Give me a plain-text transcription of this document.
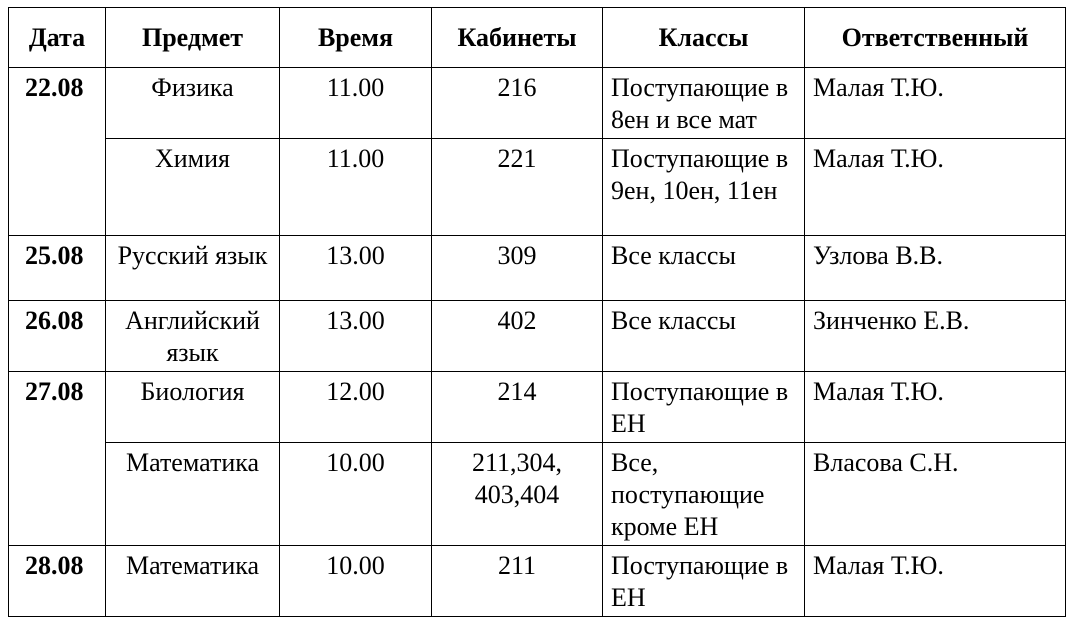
Дата	Предмет	Время	Кабинеты	Классы	Ответственный
22.08	Физика	11.00	216	Поступающие в 8ен и все мат	Малая Т.Ю.
	Химия	11.00	221	Поступающие в 9ен, 10ен, 11ен	Малая Т.Ю.
25.08	Русский язык	13.00	309	Все классы	Узлова В.В.
26.08	Английский язык	13.00	402	Все классы	Зинченко Е.В.
27.08	Биология	12.00	214	Поступающие в ЕН	Малая Т.Ю.
	Математика	10.00	211,304, 403,404	Все, поступающие кроме ЕН	Власова С.Н.
28.08	Математика	10.00	211	Поступающие в ЕН	Малая Т.Ю.
